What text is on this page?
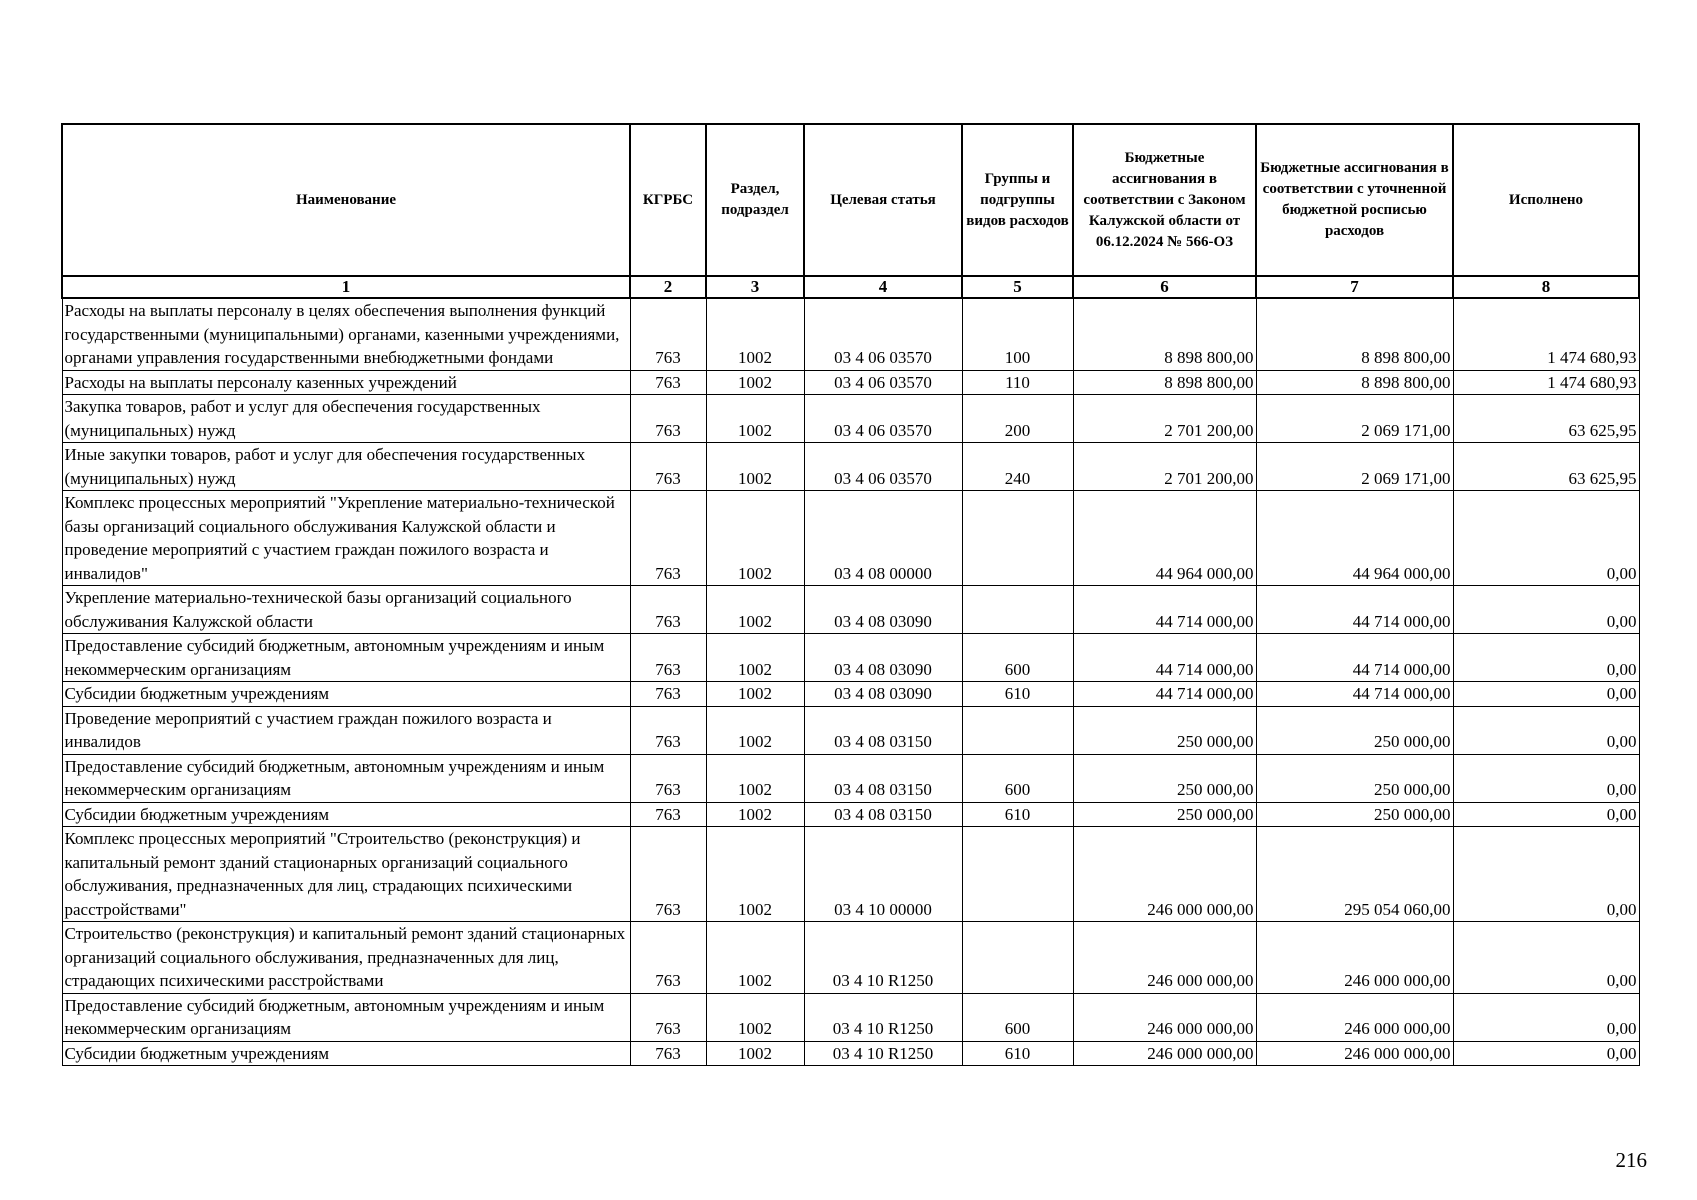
Наименование	КГРБС	Раздел, подраздел	Целевая статья	Группы и подгруппы видов расходов	Бюджетные ассигнования в соответствии с Законом Калужской области от 06.12.2024 № 566-ОЗ	Бюджетные ассигнования в соответствии с уточненной бюджетной росписью расходов	Исполнено
1	2	3	4	5	6	7	8
Расходы на выплаты персоналу в целях обеспечения выполнения функций государственными (муниципальными) органами, казенными учреждениями, органами управления государственными внебюджетными фондами	763	1002	03 4 06 03570	100	8 898 800,00	8 898 800,00	1 474 680,93
Расходы на выплаты персоналу казенных учреждений	763	1002	03 4 06 03570	110	8 898 800,00	8 898 800,00	1 474 680,93
Закупка товаров, работ и услуг для обеспечения государственных (муниципальных) нужд	763	1002	03 4 06 03570	200	2 701 200,00	2 069 171,00	63 625,95
Иные закупки товаров, работ и услуг для обеспечения государственных (муниципальных) нужд	763	1002	03 4 06 03570	240	2 701 200,00	2 069 171,00	63 625,95
Комплекс процессных мероприятий "Укрепление материально-технической базы организаций социального обслуживания Калужской области и проведение мероприятий с участием граждан пожилого возраста и инвалидов"	763	1002	03 4 08 00000		44 964 000,00	44 964 000,00	0,00
Укрепление материально-технической базы организаций социального обслуживания Калужской области	763	1002	03 4 08 03090		44 714 000,00	44 714 000,00	0,00
Предоставление субсидий бюджетным, автономным учреждениям и иным некоммерческим организациям	763	1002	03 4 08 03090	600	44 714 000,00	44 714 000,00	0,00
Субсидии бюджетным учреждениям	763	1002	03 4 08 03090	610	44 714 000,00	44 714 000,00	0,00
Проведение мероприятий с участием граждан пожилого возраста и инвалидов	763	1002	03 4 08 03150		250 000,00	250 000,00	0,00
Предоставление субсидий бюджетным, автономным учреждениям и иным некоммерческим организациям	763	1002	03 4 08 03150	600	250 000,00	250 000,00	0,00
Субсидии бюджетным учреждениям	763	1002	03 4 08 03150	610	250 000,00	250 000,00	0,00
Комплекс процессных мероприятий "Строительство (реконструкция) и капитальный ремонт зданий стационарных организаций социального обслуживания, предназначенных для лиц, страдающих психическими расстройствами"	763	1002	03 4 10 00000		246 000 000,00	295 054 060,00	0,00
Строительство (реконструкция) и капитальный ремонт зданий стационарных организаций социального обслуживания, предназначенных для лиц, страдающих психическими расстройствами	763	1002	03 4 10 R1250		246 000 000,00	246 000 000,00	0,00
Предоставление субсидий бюджетным, автономным учреждениям и иным некоммерческим организациям	763	1002	03 4 10 R1250	600	246 000 000,00	246 000 000,00	0,00
Субсидии бюджетным учреждениям	763	1002	03 4 10 R1250	610	246 000 000,00	246 000 000,00	0,00
216
